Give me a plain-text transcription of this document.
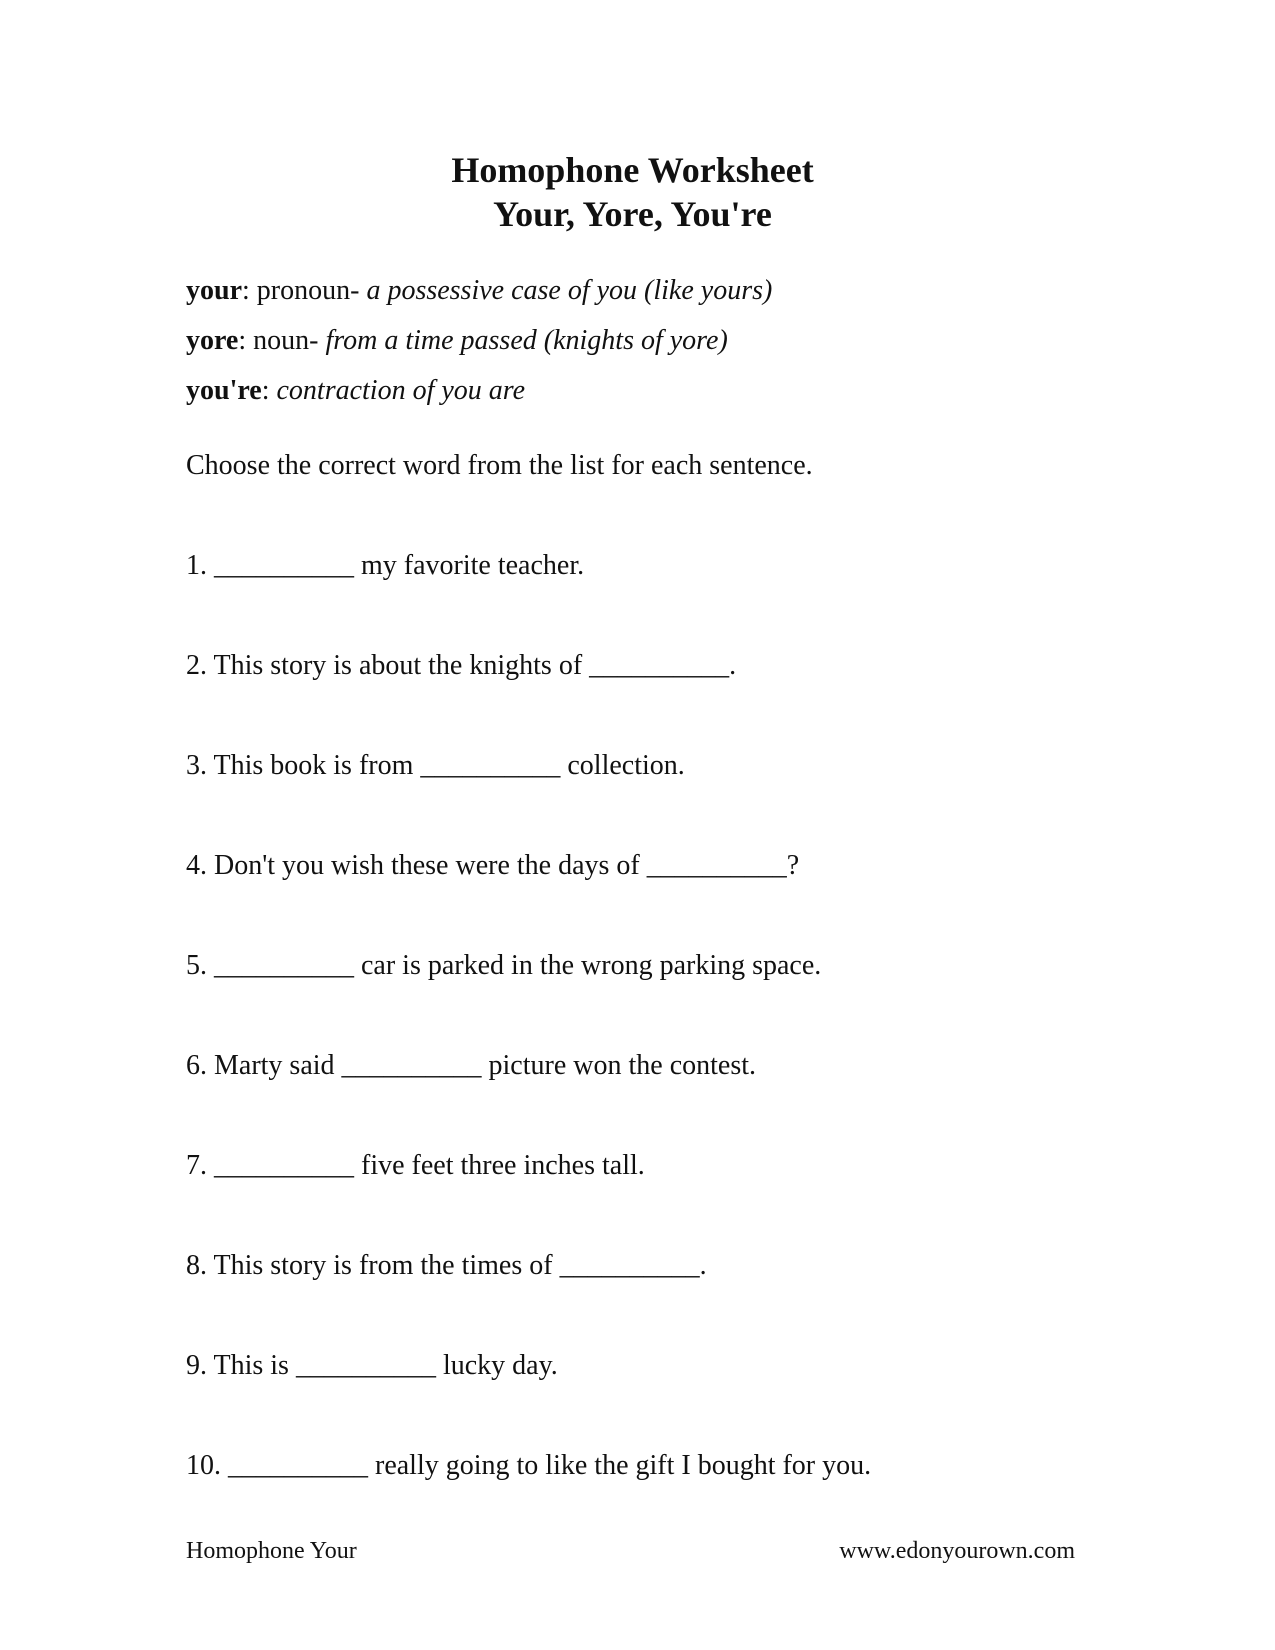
Homophone Worksheet
Your, Yore, You're
your: pronoun- a possessive case of you (like yours)
yore: noun- from a time passed (knights of yore)
you're: contraction of you are
Choose the correct word from the list for each sentence.
1. __________ my favorite teacher.
2. This story is about the knights of __________.
3. This book is from __________ collection.
4. Don't you wish these were the days of __________?
5. __________ car is parked in the wrong parking space.
6. Marty said __________ picture won the contest.
7. __________ five feet three inches tall.
8. This story is from the times of __________.
9. This is __________ lucky day.
10. __________ really going to like the gift I bought for you.
Homophone Your	www.edonyourown.com
